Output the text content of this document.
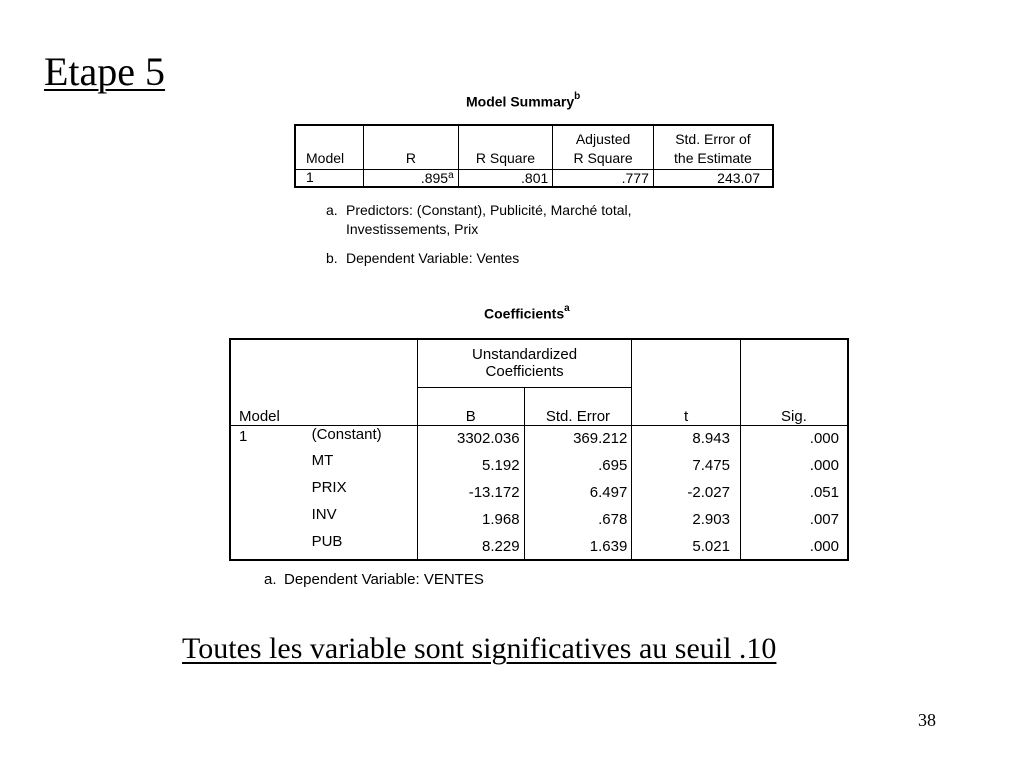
Etape 5
Model Summary$^b$
			Adjusted	Std. Error of
Model	R	R Square	R Square	the Estimate
1	.895$^a$	.801	.777	243.07
a. Predictors: (Constant), Publicité, Marché total,
Investissements, Prix
b. Dependent Variable: Ventes
Coefficients$^a$
		Unstandardized			
		Coefficients			
Model		B	Std. Error	t	Sig.
1	(Constant)	3302.036	369.212	8.943	.000
	MT	5.192	.695	7.475	.000
	PRIX	-13.172	6.497	-2.027	.051
	INV	1.968	.678	2.903	.007
	PUB	8.229	1.639	5.021	.000
a. Dependent Variable: VENTES
Toutes les variable sont significatives au seuil .10
38
